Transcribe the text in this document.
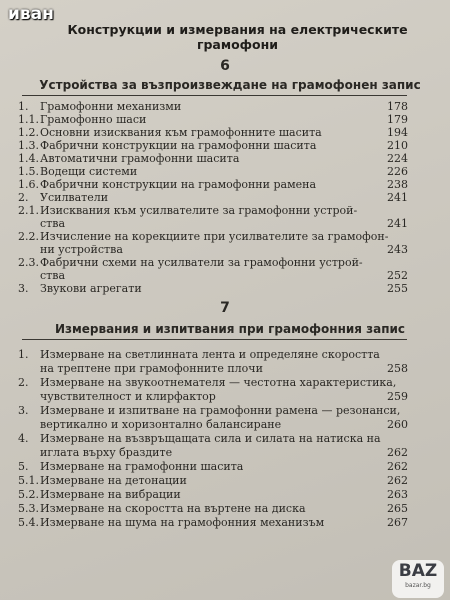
иван
Конструкции и измервания на електрическите
грамофони
6
Устройства за възпроизвеждане на грамофонен запис
1. Грамофонни механизми	178
1.1. Грамофонно шаси	179
1.2. Основни изисквания към грамофонните шасита	194
1.3. Фабрични конструкции на грамофонни шасита	210
1.4. Автоматични грамофонни шасита	224
1.5. Водещи системи	226
1.6. Фабрични конструкции на грамофонни рамена	238
2. Усилватели	241
2.1. Изисквания към усилвателите за грамофонни устрой-
ства	241
2.2. Изчисление на корекциите при усилвателите за грамофон-
ни устройства	243
2.3. Фабрични схеми на усилватели за грамофонни устрой-
ства	252
3. Звукови агрегати	255
7
Измервания и изпитвания при грамофонния запис
1. Измерване на светлинната лента и определяне скоростта
на трептене при грамофонните плочи	258
2. Измерване на звукоотнемателя — честотна характеристика,
чувствителност и клирфактор	259
3. Измерване и изпитване на грамофонни рамена — резонанси,
вертикално и хоризонтално балансиране	260
4. Измерване на възвръщащата сила и силата на натиска на
иглата върху браздите	262
5. Измерване на грамофонни шасита	262
5.1. Измерване на детонации	262
5.2. Измерване на вибрации	263
5.3. Измерване на скоростта на въртене на диска	265
5.4. Измерване на шума на грамофонния механизъм	267
BAZ
bazar.bg
